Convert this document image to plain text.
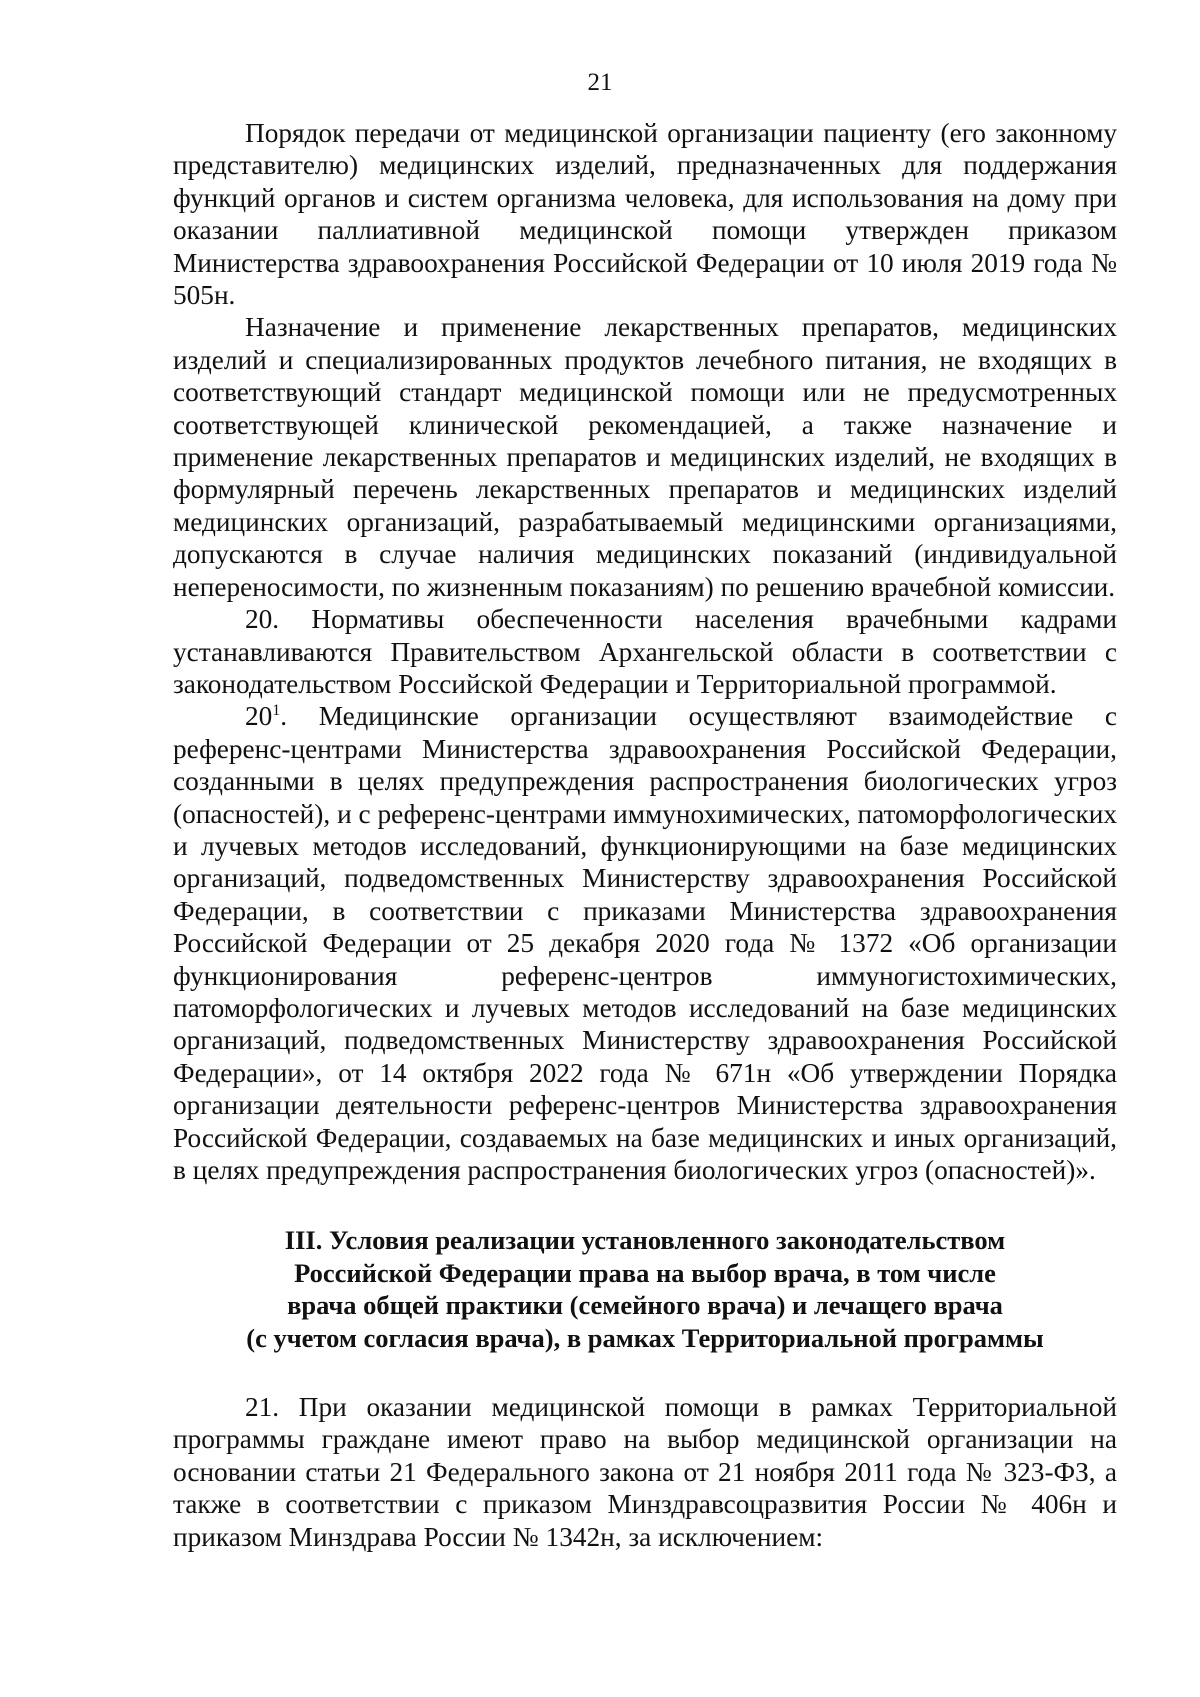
21

Порядок передачи от медицинской организации пациенту (его законному представителю) медицинских изделий, предназначенных для поддержания функций органов и систем организма человека, для использования на дому при оказании паллиативной медицинской помощи утвержден приказом Министерства здравоохранения Российской Федерации от 10 июля 2019 года № 505н.

Назначение и применение лекарственных препаратов, медицинских изделий и специализированных продуктов лечебного питания, не входящих в соответствующий стандарт медицинской помощи или не предусмотренных соответствующей клинической рекомендацией, а также назначение и применение лекарственных препаратов и медицинских изделий, не входящих в формулярный перечень лекарственных препаратов и медицинских изделий медицинских организаций, разрабатываемый медицинскими организациями, допускаются в случае наличия медицинских показаний (индивидуальной непереносимости, по жизненным показаниям) по решению врачебной комиссии.

20. Нормативы обеспеченности населения врачебными кадрами устанавливаются Правительством Архангельской области в соответствии с законодательством Российской Федерации и Территориальной программой.

$20^1$. Медицинские организации осуществляют взаимодействие с референс-центрами Министерства здравоохранения Российской Федерации, созданными в целях предупреждения распространения биологических угроз (опасностей), и с референс-центрами иммунохимических, патоморфологических и лучевых методов исследований, функционирующими на базе медицинских организаций, подведомственных Министерству здравоохранения Российской Федерации, в соответствии с приказами Министерства здравоохранения Российской Федерации от 25 декабря 2020 года № 1372 «Об организации функционирования референс-центров иммуногистохимических, патоморфологических и лучевых методов исследований на базе медицинских организаций, подведомственных Министерству здравоохранения Российской Федерации», от 14 октября 2022 года № 671н «Об утверждении Порядка организации деятельности референс-центров Министерства здравоохранения Российской Федерации, создаваемых на базе медицинских и иных организаций, в целях предупреждения распространения биологических угроз (опасностей)».

III. Условия реализации установленного законодательством
Российской Федерации права на выбор врача, в том числе
врача общей практики (семейного врача) и лечащего врача
(с учетом согласия врача), в рамках Территориальной программы

21. При оказании медицинской помощи в рамках Территориальной программы граждане имеют право на выбор медицинской организации на основании статьи 21 Федерального закона от 21 ноября 2011 года № 323-ФЗ, а также в соответствии с приказом Минздравсоцразвития России № 406н и приказом Минздрава России № 1342н, за исключением:
